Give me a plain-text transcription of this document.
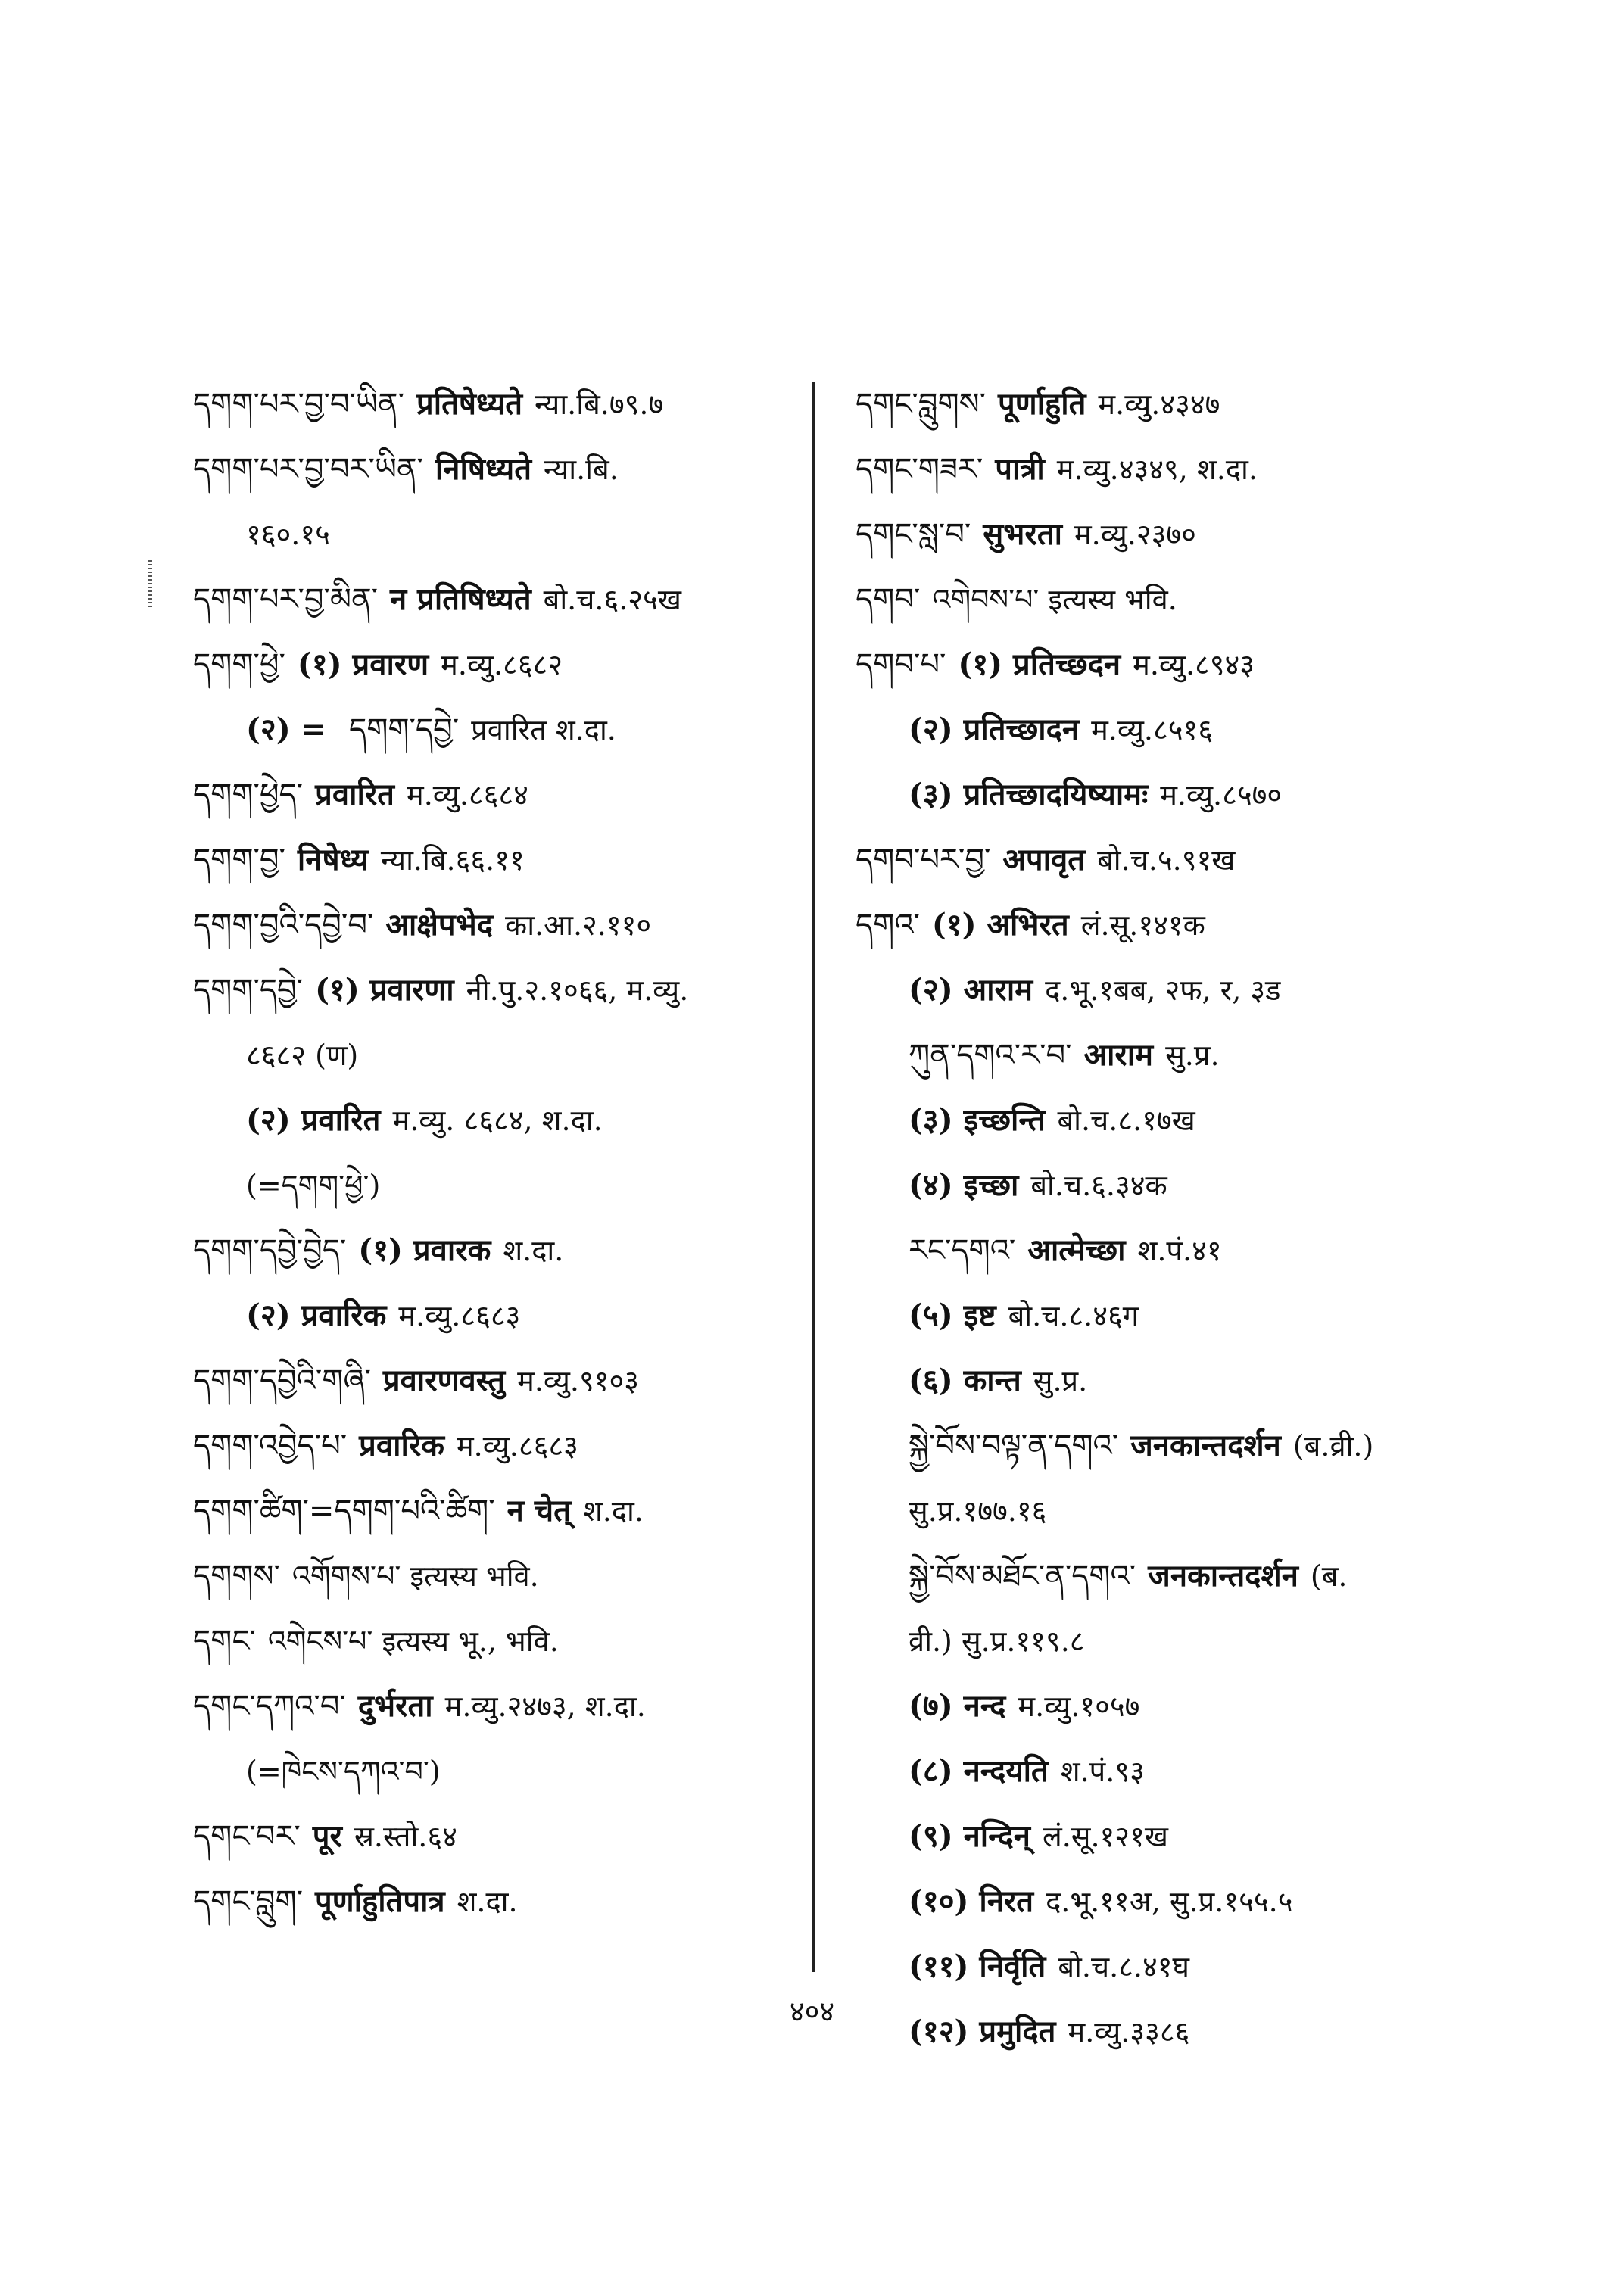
དགག་པར་བྱ་བ་ཡིན་ प्रतिषेध्यते न्या.बि.७९.७
དགག་པར་བྱ་བར་ཡིན་ निषिध्यते न्या.बि.
१६०.१५
དགག་པར་བྱ་མིན་ न प्रतिषिध्यते बो.च.६.२५ख
དགག་ཕྱེ་ (१) प्रवारण म.व्यु.८६८२
(२) = དགག་དབྱེ་ प्रवारित श.दा.
དགག་ཕྱེད་ प्रवारित म.व्यु.८६८४
དགག་བྱ་ निषेध्य न्या.बि.६६.११
དགག་བྱའི་དབྱེ་བ་ आक्षेपभेद का.आ.२.११०
དགག་དབྱེ་ (१) प्रवारणा नी.पु.२.१०६६, म.व्यु.
८६८२ (ण)
(२) प्रवारित म.व्यु. ८६८४, श.दा.
(=དགག་ཕྱེ་)
དགག་དབྱེ་བྱེད་ (१) प्रवारक श.दा.
(२) प्रवारिक म.व्यु.८६८३
དགག་དབྱེའི་གཞི་ प्रवारणवस्तु म.व्यु.९१०३
དགག་འབྱེད་པ་ प्रवारिक म.व्यु.८६८३
དགག་ཚིག་=དགག་པའི་ཚིག་ न चेत् श.दा.
དགགས་ འགོགས་པ་ इत्यस्य भवि.
དགང་ འགེངས་པ་ इत्यस्य भू., भवि.
དགང་དཀའ་བ་ दुर्भरता म.व्यु.२४७३, श.दा.
(=ཁེངས་དཀའ་བ་)
དགང་བར་ पूर स्र.स्तो.६४
དགང་བླུག་ पूर्णाहुतिपात्र श.दा.
དགང་བླུགས་ पूर्णाहुति म.व्यु.४३४७
དགང་གཟར་ पात्री म.व्यु.४३४९, श.दा.
དགང་སླ་བ་ सुभरता म.व्यु.२३७०
དགབ་ འགེབས་པ་ इत्यस्य भवि.
དགབ་པ་ (१) प्रतिच्छदन म.व्यु.८९४३
(२) प्रतिच्छादन म.व्यु.८५१६
(३) प्रतिच्छादयिष्यामः म.व्यु.८५७०
དགབ་པར་བྱ་ अपावृत बो.च.५.९१ख
དགའ་ (१) अभिरत लं.सू.१४१क
(२) आराम द.भू.१बब, २फ, र, ३ड
ཀུན་དགའ་ར་བ་ आराम सु.प्र.
(३) इच्छन्ति बो.च.८.१७ख
(४) इच्छा बो.च.६.३४क
རང་དགའ་ आत्मेच्छा श.पं.४१
(५) इष्ट बो.च.८.४६ग
(६) कान्त सु.प्र.
སྐྱེ་བོས་བལྟ་ན་དགའ་ जनकान्तदर्शन (ब.व्री.)
सु.प्र.१७७.१६
སྐྱེ་བོས་མཐོང་ན་དགའ་ जनकान्तदर्शन (ब.
व्री.) सु.प्र.११९.८
(७) नन्द म.व्यु.१०५७
(८) नन्दयति श.पं.९३
(९) नन्दिन् लं.सू.१२१ख
(१०) निरत द.भू.११अ, सु.प्र.१५५.५
(११) निर्वृति बो.च.८.४१घ
(१२) प्रमुदित म.व्यु.३३८६
४०४
